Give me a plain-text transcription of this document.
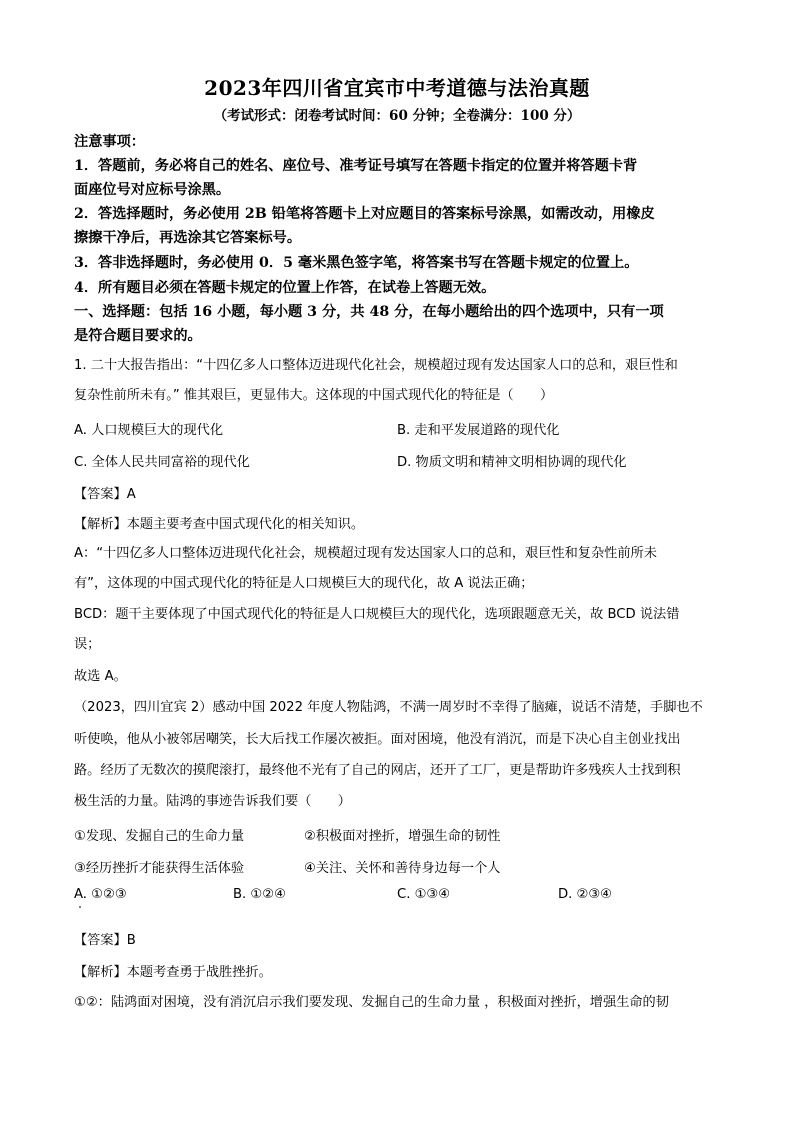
2023年四川省宜宾市中考道德与法治真题
（考试形式：闭卷考试时间：60 分钟；全卷满分：100 分）
注意事项：
1．答题前，务必将自己的姓名、座位号、准考证号填写在答题卡指定的位置并将答题卡背
面座位号对应标号涂黑。
2．答选择题时，务必使用 2B 铅笔将答题卡上对应题目的答案标号涂黑，如需改动，用橡皮
擦擦干净后，再选涂其它答案标号。
3．答非选择题时，务必使用 0．5 毫米黑色签字笔，将答案书写在答题卡规定的位置上。
4．所有题目必须在答题卡规定的位置上作答，在试卷上答题无效。
一、选择题：包括 16 小题，每小题 3 分，共 48 分，在每小题给出的四个选项中，只有一项
是符合题目要求的。
1. 二十大报告指出：“十四亿多人口整体迈进现代化社会，规模超过现有发达国家人口的总和，艰巨性和
复杂性前所未有。” 惟其艰巨，更显伟大。这体现的中国式现代化的特征是（　　）
A. 人口规模巨大的现代化	B. 走和平发展道路的现代化
C. 全体人民共同富裕的现代化	D. 物质文明和精神文明相协调的现代化
【答案】A
【解析】本题主要考查中国式现代化的相关知识。
A：“十四亿多人口整体迈进现代化社会，规模超过现有发达国家人口的总和，艰巨性和复杂性前所未
有”，这体现的中国式现代化的特征是人口规模巨大的现代化，故 A 说法正确；
BCD：题干主要体现了中国式现代化的特征是人口规模巨大的现代化，选项跟题意无关，故 BCD 说法错
误；
故选 A。
（2023，四川宜宾 2）感动中国 2022 年度人物陆鸿，不满一周岁时不幸得了脑瘫，说话不清楚，手脚也不
听使唤，他从小被邻居嘲笑，长大后找工作屡次被拒。面对困境，他没有消沉，而是下决心自主创业找出
路。经历了无数次的摸爬滚打，最终他不光有了自己的网店，还开了工厂，更是帮助许多残疾人士找到积
极生活的力量。陆鸿的事迹告诉我们要（　　）
①发现、发掘自己的生命力量	②积极面对挫折，增强生命的韧性
③经历挫折才能获得生活体验	④关注、关怀和善待身边每一个人
A. ①②③	B. ①②④	C. ①③④	D. ②③④
【答案】B
【解析】本题考查勇于战胜挫折。
①②：陆鸿面对困境，没有消沉启示我们要发现、发掘自己的生命力量 ，积极面对挫折，增强生命的韧
